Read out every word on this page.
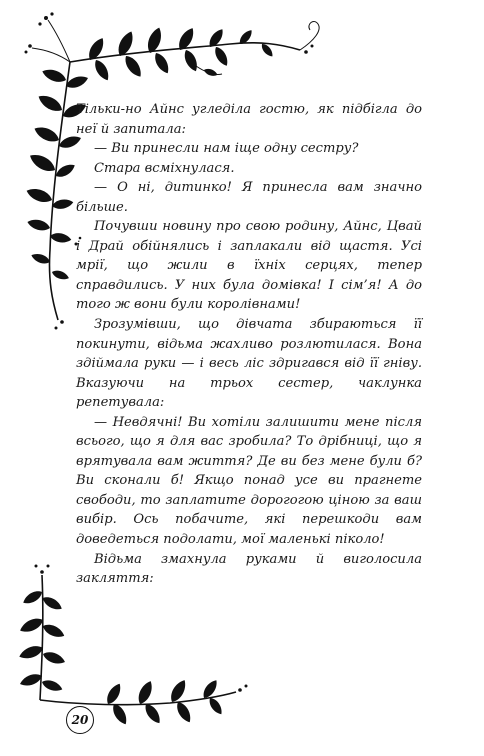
Тільки-но Айнс угледіла гостю, як підбігла до неї й запитала:

— Ви принесли нам іще одну сестру?

Стара всміхнулася.

— О ні, дитинко! Я принесла вам значно більше.

Почувши новину про свою родину, Айнс, Цвай і Драй обійнялись і заплакали від щастя. Усі мрії, що жили в їхніх серцях, тепер справдились. У них була домівка! І сім’я! А до того ж вони були королівнами!

Зрозумівши, що дівчата збираються її покинути, відьма жахливо розлютилася. Вона здіймала руки — і весь ліс здригався від її гніву. Вказуючи на трьох сестер, чаклунка репетувала:

— Невдячні! Ви хотіли залишити мене після всього, що я для вас зробила? То дрібниці, що я врятувала вам життя? Де ви без мене були б? Ви сконали б! Якщо понад усе ви прагнете свободи, то заплатите дорогогою ціною за ваш вибір. Ось побачите, які перешкоди вам доведеться подолати, мої маленькі піколо!

Відьма змахнула руками й виголосила закляття:

20
